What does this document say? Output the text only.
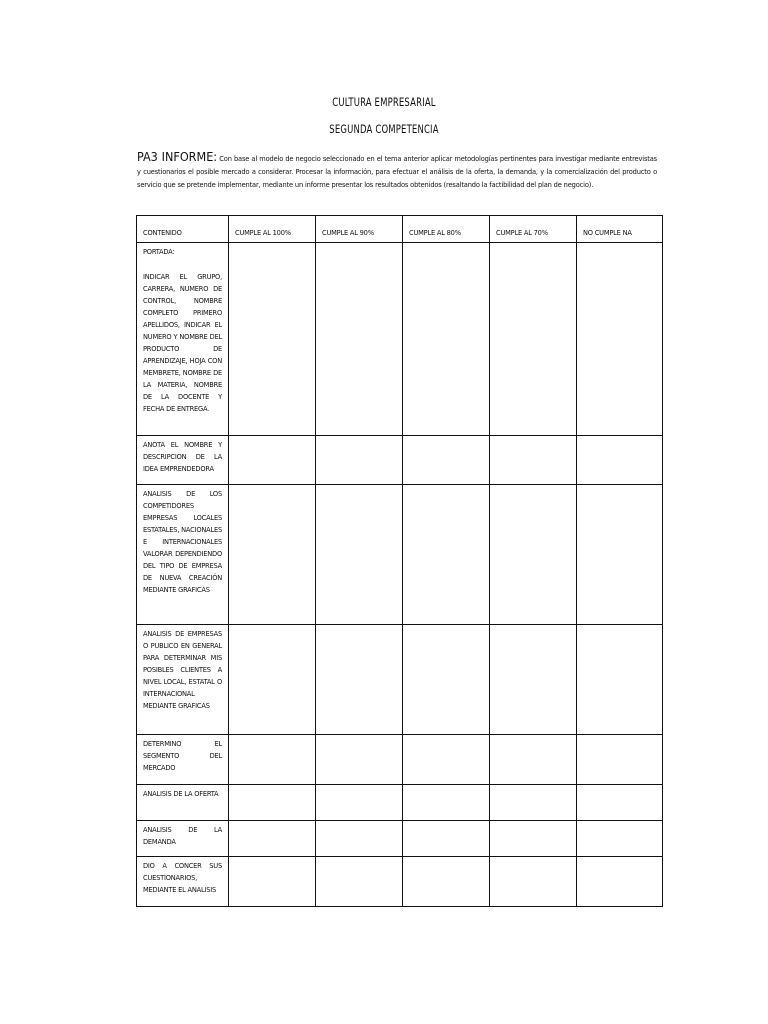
CULTURA EMPRESARIAL
SEGUNDA COMPETENCIA
PA3 INFORME: Con base al modelo de negocio seleccionado en el tema anterior aplicar metodologías pertinentes para investigar mediante entrevistas y cuestionarios el posible mercado a considerar. Procesar la información, para efectuar el análisis de la oferta, la demanda, y la comercialización del producto o servicio que se pretende implementar, mediante un informe presentar los resultados obtenidos (resaltando la factibilidad del plan de negocio).
CONTENIDO	CUMPLE AL 100%	CUMPLE AL 90%	CUMPLE AL 80%	CUMPLE AL 70%	NO CUMPLE NA

PORTADA:
INDICAR EL GRUPO, CARRERA, NUMERO DE CONTROL, NOMBRE COMPLETO PRIMERO APELLIDOS, INDICAR EL NUMERO Y NOMBRE DEL PRODUCTO DE APRENDIZAJE, HOJA CON MEMBRETE, NOMBRE DE LA MATERIA, NOMBRE DE LA DOCENTE Y FECHA DE ENTREGA.					

ANOTA EL NOMBRE Y DESCRIPCION DE LA IDEA EMPRENDEDORA					

ANALISIS DE LOS COMPETIDORES EMPRESAS LOCALES ESTATALES, NACIONALES E INTERNACIONALES VALORAR DEPENDIENDO DEL TIPO DE EMPRESA DE NUEVA CREACIÓN MEDIANTE GRAFICAS					

ANALISIS DE EMPRESAS O PUBLICO EN GENERAL PARA DETERMINAR MIS POSIBLES CLIENTES A NIVEL LOCAL, ESTATAL O INTERNACIONAL MEDIANTE GRAFICAS					

DETERMINO EL SEGMENTO DEL MERCADO					

ANALISIS DE LA OFERTA					

ANALISIS DE LA DEMANDA					

DIO A CONCER SUS CUESTIONARIOS, MEDIANTE EL ANALISIS					
